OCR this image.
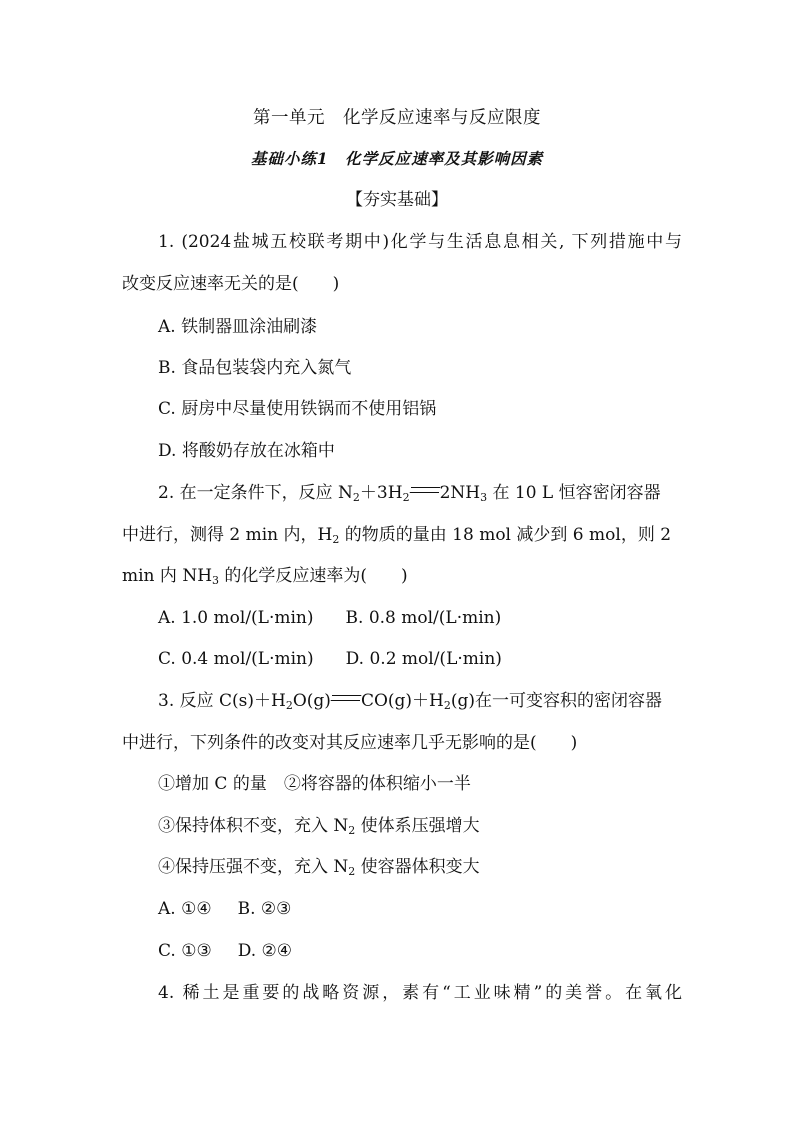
第一单元　化学反应速率与反应限度
基础小练1　化学反应速率及其影响因素
【夯实基础】
1. (2024盐城五校联考期中)化学与生活息息相关, 下列措施中与
改变反应速率无关的是(　　)
A. 铁制器皿涂油刷漆
B. 食品包装袋内充入氮气
C. 厨房中尽量使用铁锅而不使用铝锅
D. 将酸奶存放在冰箱中
2. 在一定条件下，反应 $N_2+3H_2$ $2NH_3$ 在 10 L 恒容密闭容器
中进行，测得 2 min 内，$H_2$ 的物质的量由 18 mol 减少到 6 mol，则 2
min 内 $NH_3$ 的化学反应速率为(　　)
A. 1.0 mol/(L·min) B. 0.8 mol/(L·min)
C. 0.4 mol/(L·min) D. 0.2 mol/(L·min)
3. 反应 $C(s)+H_2O(g)$ $CO(g)+H_2(g)$在一可变容积的密闭容器
中进行，下列条件的改变对其反应速率几乎无影响的是(　　)
①增加 C 的量　②将容器的体积缩小一半
③保持体积不变，充入 $N_2$ 使体系压强增大
④保持压强不变，充入 $N_2$ 使容器体积变大
A. ①④ B. ②③
C. ①③ D. ②④
4. 稀土是重要的战略资源，素有“工业味精”的美誉。在氧化
